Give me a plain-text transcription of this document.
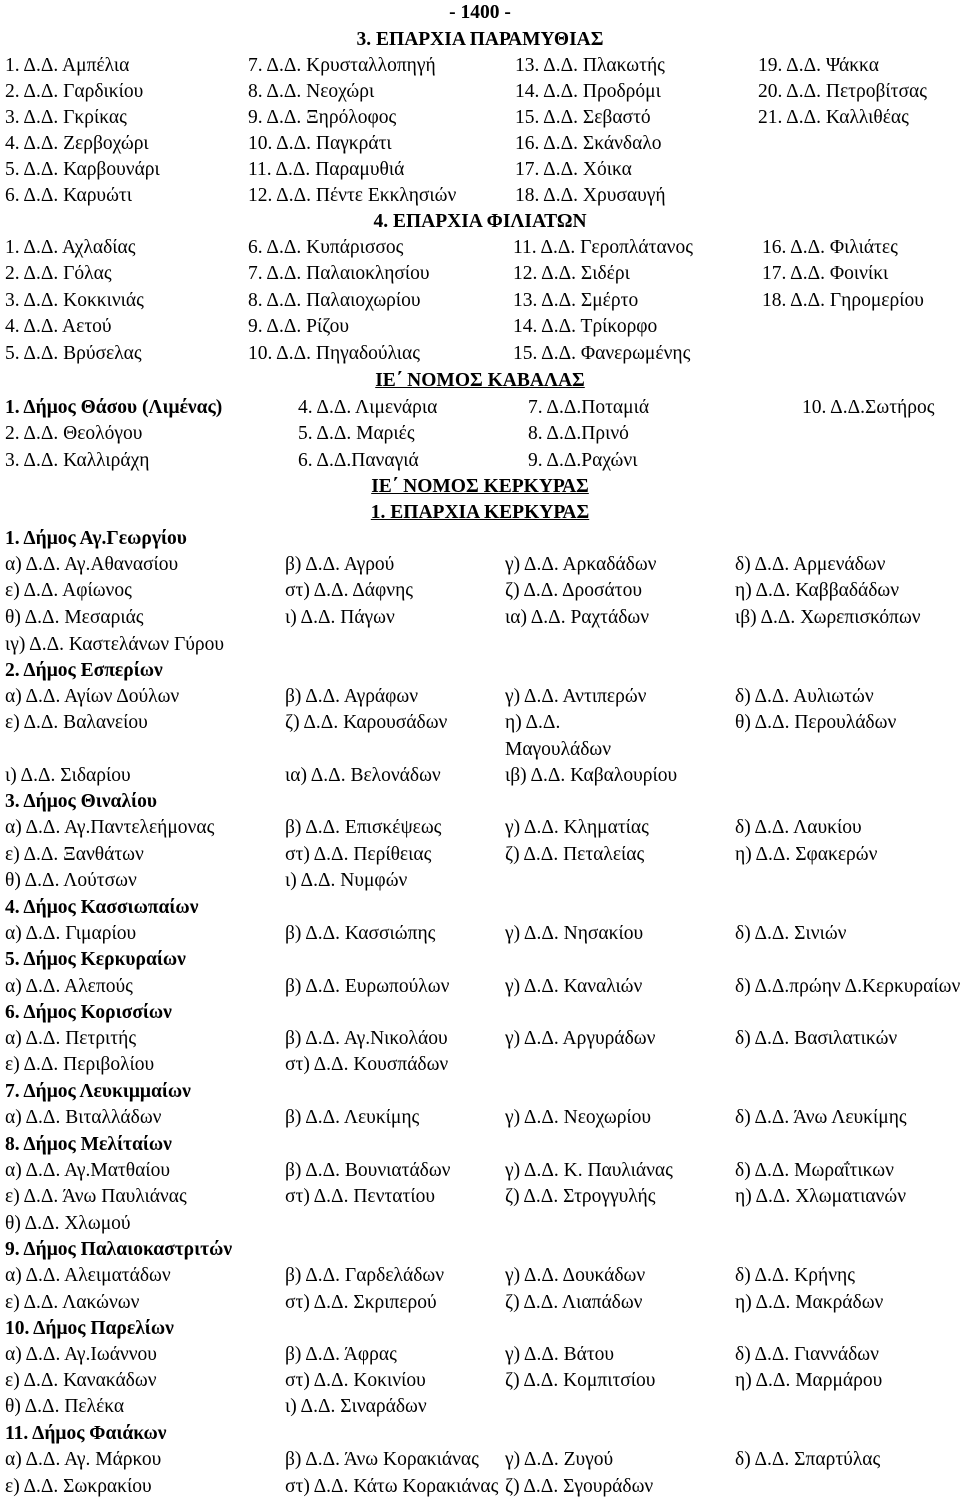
- 1400 -
3. ΕΠΑΡΧΙΑ ΠΑΡΑΜΥΘΙΑΣ
1. Δ.Δ. Αμπέλια	7. Δ.Δ. Κρυσταλλοπηγή	13. Δ.Δ. Πλακωτής	19. Δ.Δ. Ψάκκα
2. Δ.Δ. Γαρδικίου	8. Δ.Δ. Νεοχώρι	14. Δ.Δ. Προδρόμι	20. Δ.Δ. Πετροβίτσας
3. Δ.Δ. Γκρίκας	9. Δ.Δ. Ξηρόλοφος	15. Δ.Δ. Σεβαστό	21. Δ.Δ. Καλλιθέας
4. Δ.Δ. Ζερβοχώρι	10. Δ.Δ. Παγκράτι	16. Δ.Δ. Σκάνδαλο
5. Δ.Δ. Καρβουνάρι	11. Δ.Δ. Παραμυθιά	17. Δ.Δ. Χόικα
6. Δ.Δ. Καρυώτι	12. Δ.Δ. Πέντε Εκκλησιών	18. Δ.Δ. Χρυσαυγή
4. ΕΠΑΡΧΙΑ ΦΙΛΙΑΤΩΝ
1. Δ.Δ. Αχλαδίας	6. Δ.Δ. Κυπάρισσος	11. Δ.Δ. Γεροπλάτανος	16. Δ.Δ. Φιλιάτες
2. Δ.Δ. Γόλας	7. Δ.Δ. Παλαιοκλησίου	12. Δ.Δ. Σιδέρι	17. Δ.Δ. Φοινίκι
3. Δ.Δ. Κοκκινιάς	8. Δ.Δ. Παλαιοχωρίου	13. Δ.Δ. Σμέρτο	18. Δ.Δ. Γηρομερίου
4. Δ.Δ. Αετού	9. Δ.Δ. Ρίζου	14. Δ.Δ. Τρίκορφο
5. Δ.Δ. Βρύσελας	10. Δ.Δ. Πηγαδούλιας	15. Δ.Δ. Φανερωμένης
ΙΕ΄ ΝΟΜΟΣ ΚΑΒΑΛΑΣ
1. Δήμος Θάσου (Λιμένας)	4. Δ.Δ. Λιμενάρια	7. Δ.Δ.Ποταμιά	10. Δ.Δ.Σωτήρος
2. Δ.Δ. Θεολόγου	5. Δ.Δ. Μαριές	8. Δ.Δ.Πρινό
3. Δ.Δ. Καλλιράχη	6. Δ.Δ.Παναγιά	9. Δ.Δ.Ραχώνι
ΙΕ΄ ΝΟΜΟΣ ΚΕΡΚΥΡΑΣ
1. ΕΠΑΡΧΙΑ ΚΕΡΚΥΡΑΣ
1. Δήμος Αγ.Γεωργίου
α) Δ.Δ. Αγ.Αθανασίου	β) Δ.Δ. Αγρού	γ) Δ.Δ. Αρκαδάδων	δ) Δ.Δ. Αρμενάδων
ε) Δ.Δ. Αφίωνος	στ) Δ.Δ. Δάφνης	ζ) Δ.Δ. Δροσάτου	η) Δ.Δ. Καββαδάδων
θ) Δ.Δ. Μεσαριάς	ι) Δ.Δ. Πάγων	ια) Δ.Δ. Ραχτάδων	ιβ) Δ.Δ. Χωρεπισκόπων
ιγ) Δ.Δ. Καστελάνων Γύρου
2. Δήμος Εσπερίων
α) Δ.Δ. Αγίων Δούλων	β) Δ.Δ. Αγράφων	γ) Δ.Δ. Αντιπερών	δ) Δ.Δ. Αυλιωτών
ε) Δ.Δ. Βαλανείου	ζ) Δ.Δ. Καρουσάδων	η) Δ.Δ.	θ) Δ.Δ. Περουλάδων
Μαγουλάδων
ι) Δ.Δ. Σιδαρίου	ια) Δ.Δ. Βελονάδων	ιβ) Δ.Δ. Καβαλουρίου
3. Δήμος Θιναλίου
α) Δ.Δ. Αγ.Παντελεήμονας	β) Δ.Δ. Επισκέψεως	γ) Δ.Δ. Κληματίας	δ) Δ.Δ. Λαυκίου
ε) Δ.Δ. Ξανθάτων	στ) Δ.Δ. Περίθειας	ζ) Δ.Δ. Πεταλείας	η) Δ.Δ. Σφακερών
θ) Δ.Δ. Λούτσων	ι) Δ.Δ. Νυμφών
4. Δήμος Κασσιωπαίων
α) Δ.Δ. Γιμαρίου	β) Δ.Δ. Κασσιώπης	γ) Δ.Δ. Νησακίου	δ) Δ.Δ. Σινιών
5. Δήμος Κερκυραίων
α) Δ.Δ. Αλεπούς	β) Δ.Δ. Ευρωπούλων	γ) Δ.Δ. Καναλιών	δ) Δ.Δ.πρώην Δ.Κερκυραίων
6. Δήμος Κορισσίων
α) Δ.Δ. Πετριτής	β) Δ.Δ. Αγ.Νικολάου	γ) Δ.Δ. Αργυράδων	δ) Δ.Δ. Βασιλατικών
ε) Δ.Δ. Περιβολίου	στ) Δ.Δ. Κουσπάδων
7. Δήμος Λευκιμμαίων
α) Δ.Δ. Βιταλλάδων	β) Δ.Δ. Λευκίμης	γ) Δ.Δ. Νεοχωρίου	δ) Δ.Δ. Άνω Λευκίμης
8. Δήμος Μελίταίων
α) Δ.Δ. Αγ.Ματθαίου	β) Δ.Δ. Βουνιατάδων	γ) Δ.Δ. Κ. Παυλιάνας	δ) Δ.Δ. Μωραΐτικων
ε) Δ.Δ. Άνω Παυλιάνας	στ) Δ.Δ. Πεντατίου	ζ) Δ.Δ. Στρογγυλής	η) Δ.Δ. Χλωματιανών
θ) Δ.Δ. Χλωμού
9. Δήμος Παλαιοκαστριτών
α) Δ.Δ. Αλειματάδων	β) Δ.Δ. Γαρδελάδων	γ) Δ.Δ. Δουκάδων	δ) Δ.Δ. Κρήνης
ε) Δ.Δ. Λακώνων	στ) Δ.Δ. Σκριπερού	ζ) Δ.Δ. Λιαπάδων	η) Δ.Δ. Μακράδων
10. Δήμος Παρελίων
α) Δ.Δ. Αγ.Ιωάννου	β) Δ.Δ. Άφρας	γ) Δ.Δ. Βάτου	δ) Δ.Δ. Γιαννάδων
ε) Δ.Δ. Κανακάδων	στ) Δ.Δ. Κοκινίου	ζ) Δ.Δ. Κομπιτσίου	η) Δ.Δ. Μαρμάρου
θ) Δ.Δ. Πελέκα	ι) Δ.Δ. Σιναράδων
11. Δήμος Φαιάκων
α) Δ.Δ. Αγ. Μάρκου	β) Δ.Δ. Άνω Κορακιάνας γ) Δ.Δ. Ζυγού	δ) Δ.Δ. Σπαρτύλας
ε) Δ.Δ. Σωκρακίου	στ) Δ.Δ. Κάτω Κορακιάνας ζ) Δ.Δ. Σγουράδων
